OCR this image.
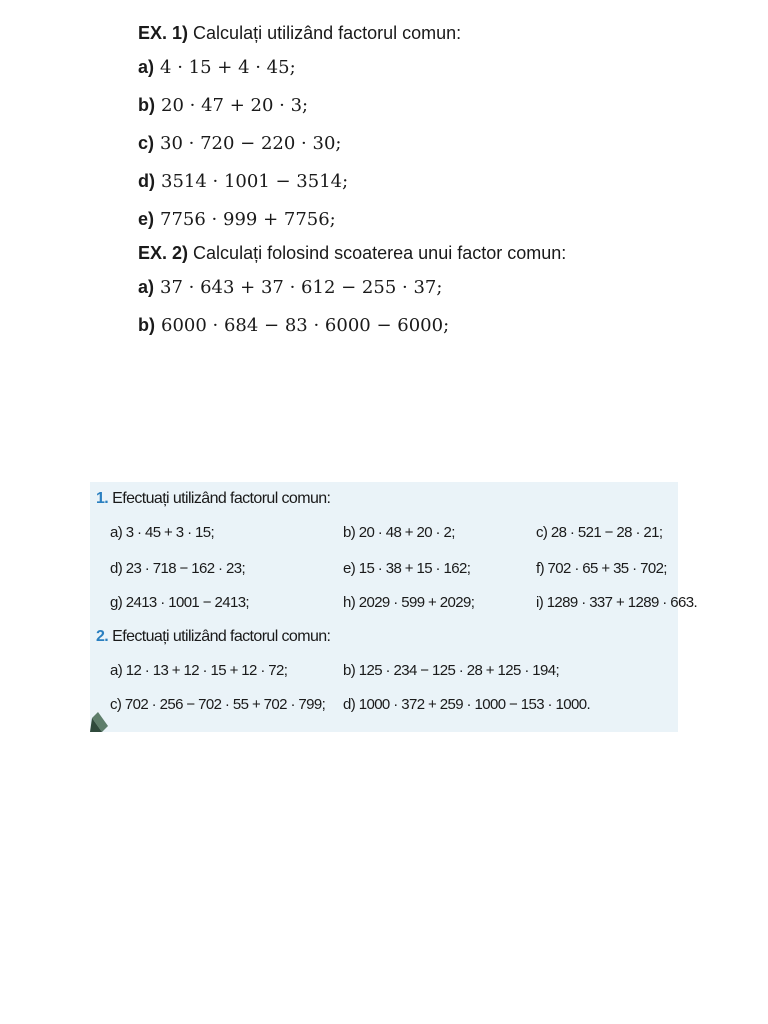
EX. 1) Calculați utilizând factorul comun:
a) 4 · 15 + 4 · 45;
b) 20 · 47 + 20 · 3;
c) 30 · 720 − 220 · 30;
d) 3514 · 1001 − 3514;
e) 7756 · 999 + 7756;
EX. 2) Calculați folosind scoaterea unui factor comun:
a) 37 · 643 + 37 · 612 − 255 · 37;
b) 6000 · 684 − 83 · 6000 − 6000;
1. Efectuați utilizând factorul comun:
a) 3 · 45 + 3 · 15;	b) 20 · 48 + 20 · 2;	c) 28 · 521 − 28 · 21;
d) 23 · 718 − 162 · 23;	e) 15 · 38 + 15 · 162;	f) 702 · 65 + 35 · 702;
g) 2413 · 1001 − 2413;	h) 2029 · 599 + 2029;	i) 1289 · 337 + 1289 · 663.
2. Efectuați utilizând factorul comun:
a) 12 · 13 + 12 · 15 + 12 · 72;	b) 125 · 234 − 125 · 28 + 125 · 194;
c) 702 · 256 − 702 · 55 + 702 · 799; d) 1000 · 372 + 259 · 1000 − 153 · 1000.
